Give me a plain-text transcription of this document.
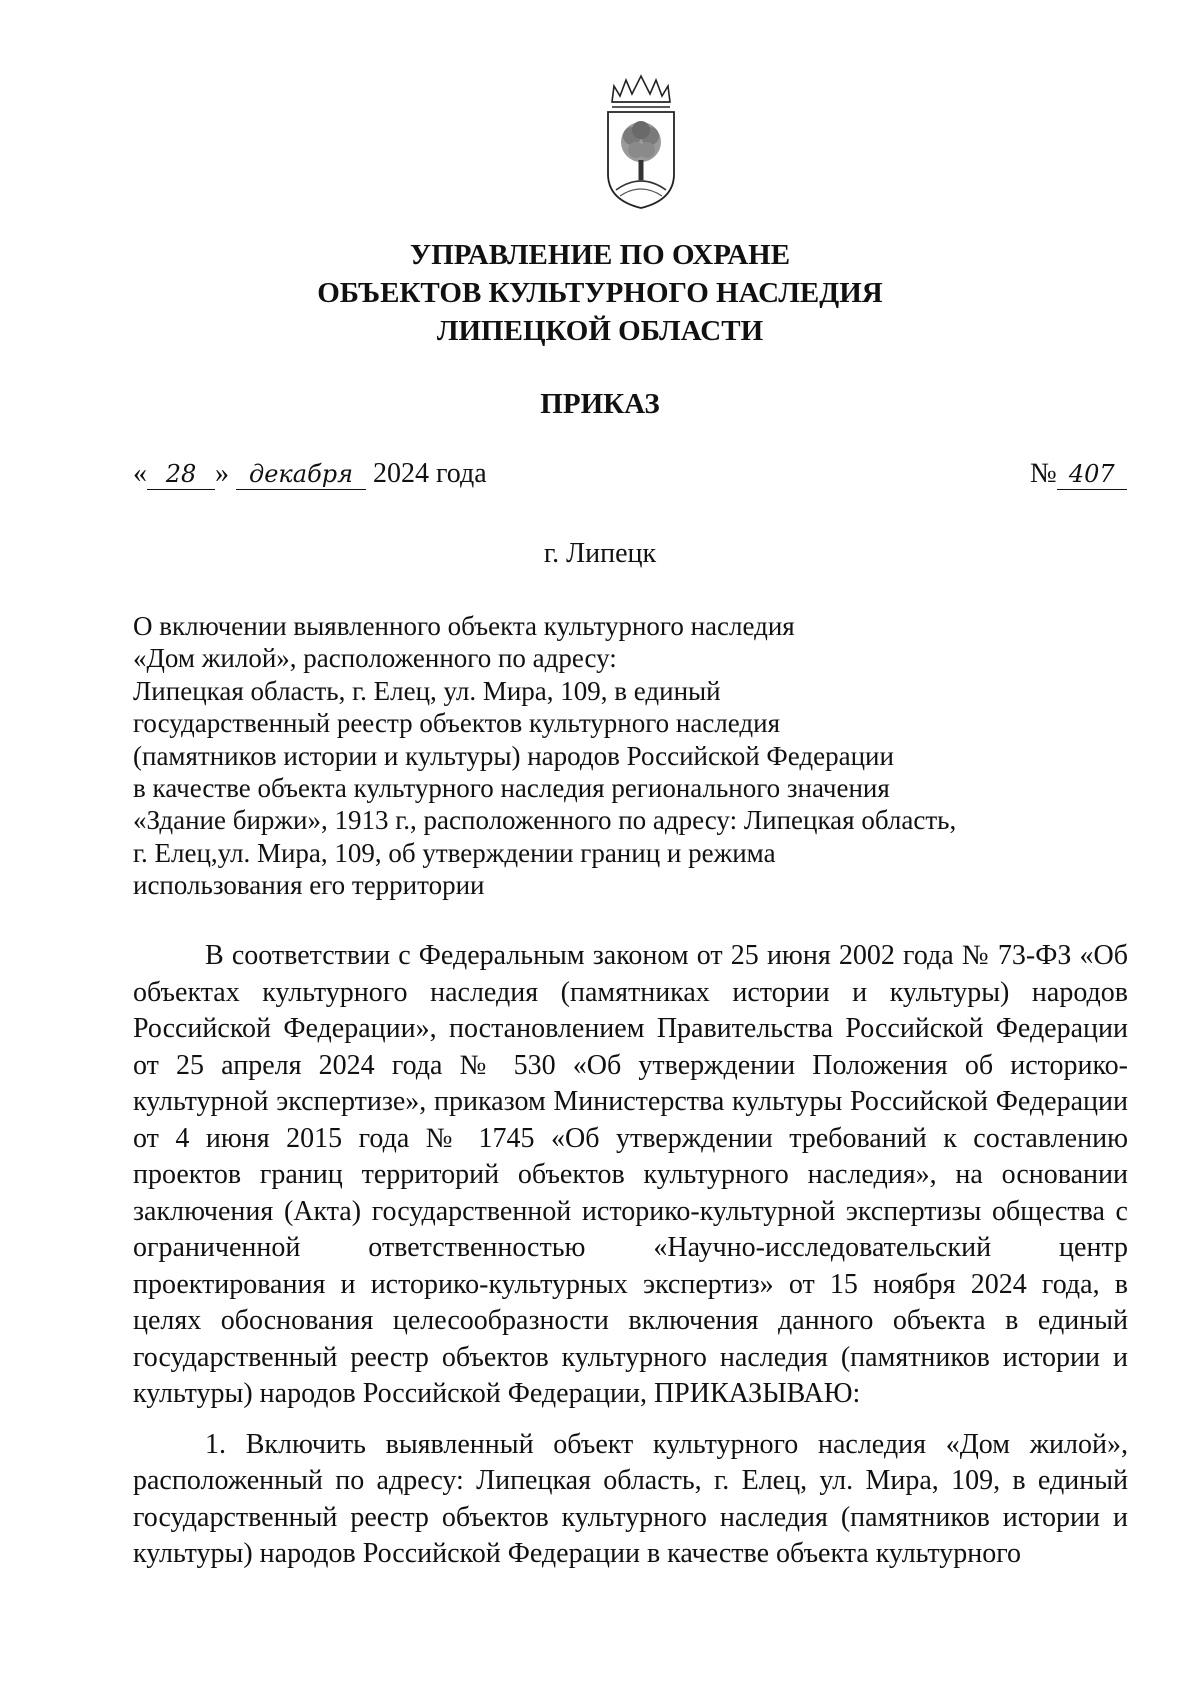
УПРАВЛЕНИЕ ПО ОХРАНЕ
ОБЪЕКТОВ КУЛЬТУРНОГО НАСЛЕДИЯ
ЛИПЕЦКОЙ ОБЛАСТИ
ПРИКАЗ
« 28 » декабря 2024 года	№ 407
г. Липецк
О включении выявленного объекта культурного наследия
«Дом жилой», расположенного по адресу:
Липецкая область, г. Елец, ул. Мира, 109, в единый
государственный реестр объектов культурного наследия
(памятников истории и культуры) народов Российской Федерации
в качестве объекта культурного наследия регионального значения
«Здание биржи», 1913 г., расположенного по адресу: Липецкая область,
г. Елец,ул. Мира, 109, об утверждении границ и режима
использования его территории

В соответствии с Федеральным законом от 25 июня 2002 года № 73-ФЗ «Об объектах культурного наследия (памятниках истории и культуры) народов Российской Федерации», постановлением Правительства Российской Федерации от 25 апреля 2024 года № 530 «Об утверждении Положения об историко-культурной экспертизе», приказом Министерства культуры Российской Федерации от 4 июня 2015 года № 1745 «Об утверждении требований к составлению проектов границ территорий объектов культурного наследия», на основании заключения (Акта) государственной историко-культурной экспертизы общества с ограниченной ответственностью «Научно-исследовательский центр проектирования и историко-культурных экспертиз» от 15 ноября 2024 года, в целях обоснования целесообразности включения данного объекта в единый государственный реестр объектов культурного наследия (памятников истории и культуры) народов Российской Федерации, ПРИКАЗЫВАЮ:

1. Включить выявленный объект культурного наследия «Дом жилой», расположенный по адресу: Липецкая область, г. Елец, ул. Мира, 109, в единый государственный реестр объектов культурного наследия (памятников истории и культуры) народов Российской Федерации в качестве объекта культурного
